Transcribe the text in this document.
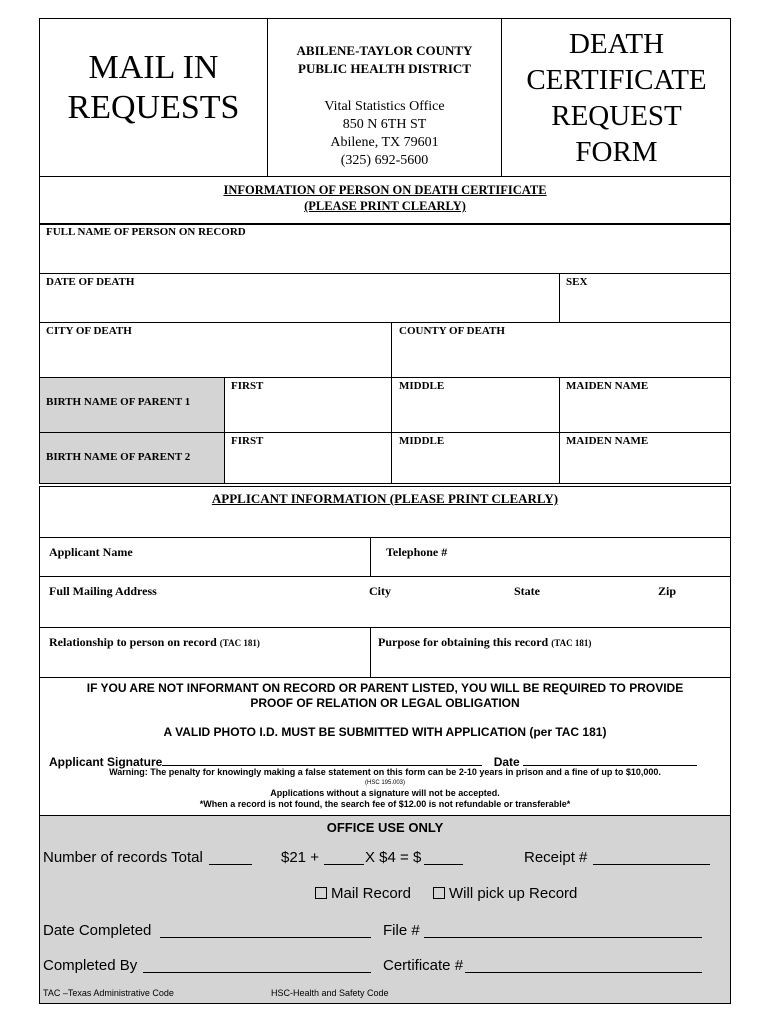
MAIL IN
REQUESTS
ABILENE-TAYLOR COUNTY
PUBLIC HEALTH DISTRICT
Vital Statistics Office
850 N 6TH ST
Abilene, TX 79601
(325) 692-5600
DEATH
CERTIFICATE
REQUEST
FORM
INFORMATION OF PERSON ON DEATH CERTIFICATE
(PLEASE PRINT CLEARLY)
FULL NAME OF PERSON ON RECORD
DATE OF DEATH	SEX
CITY OF DEATH	COUNTY OF DEATH
BIRTH NAME OF PARENT 1
FIRST	MIDDLE	MAIDEN NAME
BIRTH NAME OF PARENT 2
FIRST	MIDDLE	MAIDEN NAME
APPLICANT INFORMATION (PLEASE PRINT CLEARLY)
Applicant Name	Telephone #
Full Mailing Address	City	State	Zip
Relationship to person on record (TAC 181)	Purpose for obtaining this record (TAC 181)
IF YOU ARE NOT INFORMANT ON RECORD OR PARENT LISTED, YOU WILL BE REQUIRED TO PROVIDE
PROOF OF RELATION OR LEGAL OBLIGATION
A VALID PHOTO I.D. MUST BE SUBMITTED WITH APPLICATION (per TAC 181)
Applicant Signature	Date
Warning: The penalty for knowingly making a false statement on this form can be 2-10 years in prison and a fine of up to $10,000.
(HSC 195.003)
Applications without a signature will not be accepted.
*When a record is not found, the search fee of $12.00 is not refundable or transferable*
OFFICE USE ONLY
Number of records Total	$21 +	X $4 = $	Receipt #
Mail Record	Will pick up Record
Date Completed	File #
Completed By	Certificate #
TAC –Texas Administrative Code	HSC-Health and Safety Code
